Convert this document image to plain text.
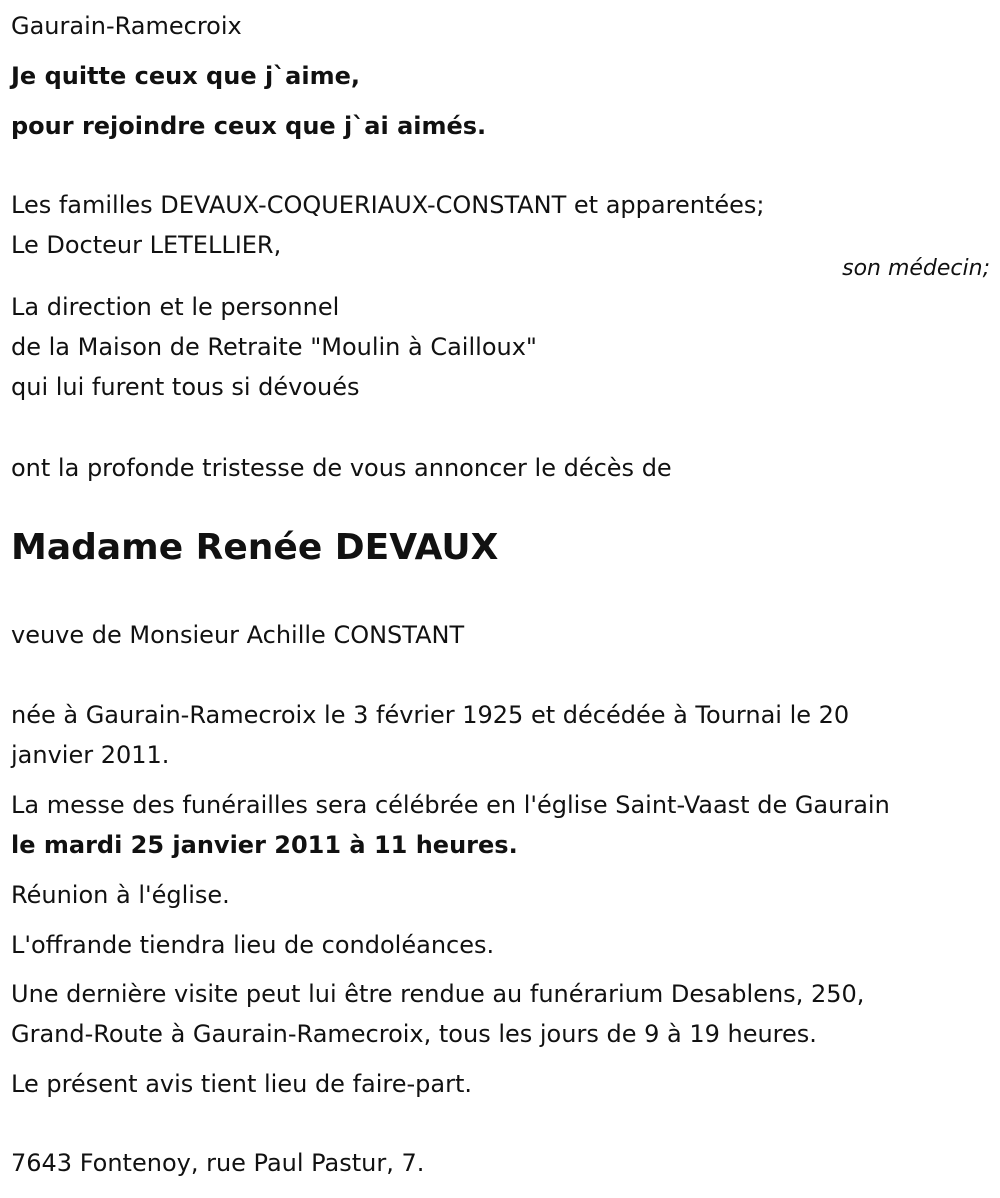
Gaurain-Ramecroix

Je quitte ceux que j`aime,

pour rejoindre ceux que j`ai aimés.

Les familles DEVAUX-COQUERIAUX-CONSTANT et apparentées;

Le Docteur LETELLIER,

son médecin;

La direction et le personnel

de la Maison de Retraite "Moulin à Cailloux"

qui lui furent tous si dévoués

ont la profonde tristesse de vous annoncer le décès de

Madame Renée DEVAUX

veuve de Monsieur Achille CONSTANT

née à Gaurain-Ramecroix le 3 février 1925 et décédée à Tournai le 20

janvier 2011.

La messe des funérailles sera célébrée en l'église Saint-Vaast de Gaurain

le mardi 25 janvier 2011 à 11 heures.

Réunion à l'église.

L'offrande tiendra lieu de condoléances.

Une dernière visite peut lui être rendue au funérarium Desablens, 250,

Grand-Route à Gaurain-Ramecroix, tous les jours de 9 à 19 heures.

Le présent avis tient lieu de faire-part.

7643 Fontenoy, rue Paul Pastur, 7.
